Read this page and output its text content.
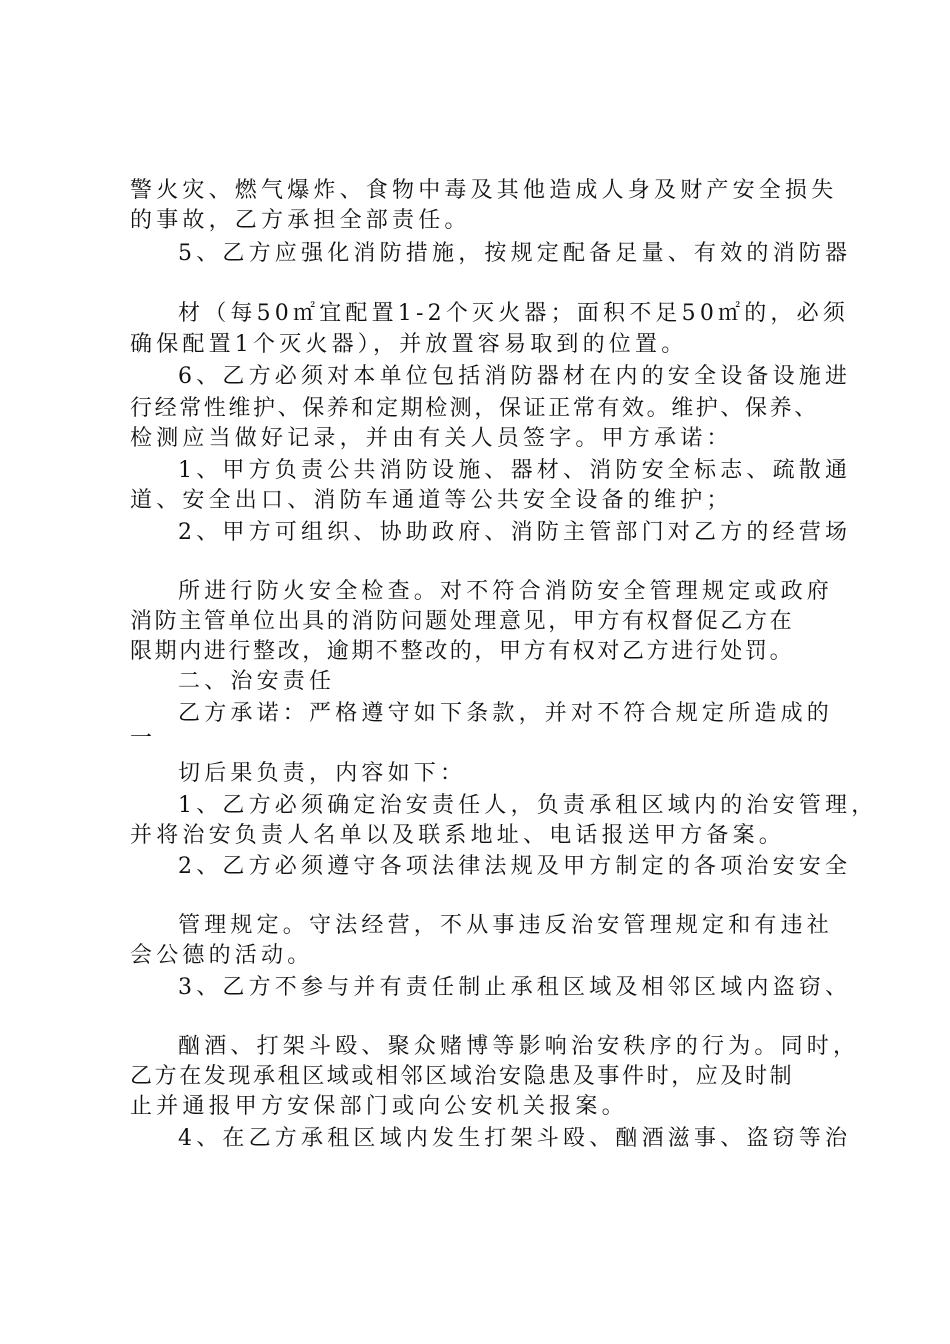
警火灾、燃气爆炸、食物中毒及其他造成人身及财产安全损失
的事故，乙方承担全部责任。
5、乙方应强化消防措施，按规定配备足量、有效的消防器
材（每50㎡宜配置1-2个灭火器；面积不足50㎡的，必须
确保配置1个灭火器），并放置容易取到的位置。
6、乙方必须对本单位包括消防器材在内的安全设备设施进
行经常性维护、保养和定期检测，保证正常有效。维护、保养、
检测应当做好记录，并由有关人员签字。甲方承诺：
1、甲方负责公共消防设施、器材、消防安全标志、疏散通
道、安全出口、消防车通道等公共安全设备的维护；
2、甲方可组织、协助政府、消防主管部门对乙方的经营场
所进行防火安全检查。对不符合消防安全管理规定或政府
消防主管单位出具的消防问题处理意见，甲方有权督促乙方在
限期内进行整改，逾期不整改的，甲方有权对乙方进行处罚。
二、治安责任
乙方承诺：严格遵守如下条款，并对不符合规定所造成的
一
切后果负责，内容如下：
1、乙方必须确定治安责任人，负责承租区域内的治安管理，
并将治安负责人名单以及联系地址、电话报送甲方备案。
2、乙方必须遵守各项法律法规及甲方制定的各项治安安全
管理规定。守法经营，不从事违反治安管理规定和有违社
会公德的活动。
3、乙方不参与并有责任制止承租区域及相邻区域内盗窃、
酗酒、打架斗殴、聚众赌博等影响治安秩序的行为。同时，
乙方在发现承租区域或相邻区域治安隐患及事件时，应及时制
止并通报甲方安保部门或向公安机关报案。
4、在乙方承租区域内发生打架斗殴、酗酒滋事、盗窃等治
